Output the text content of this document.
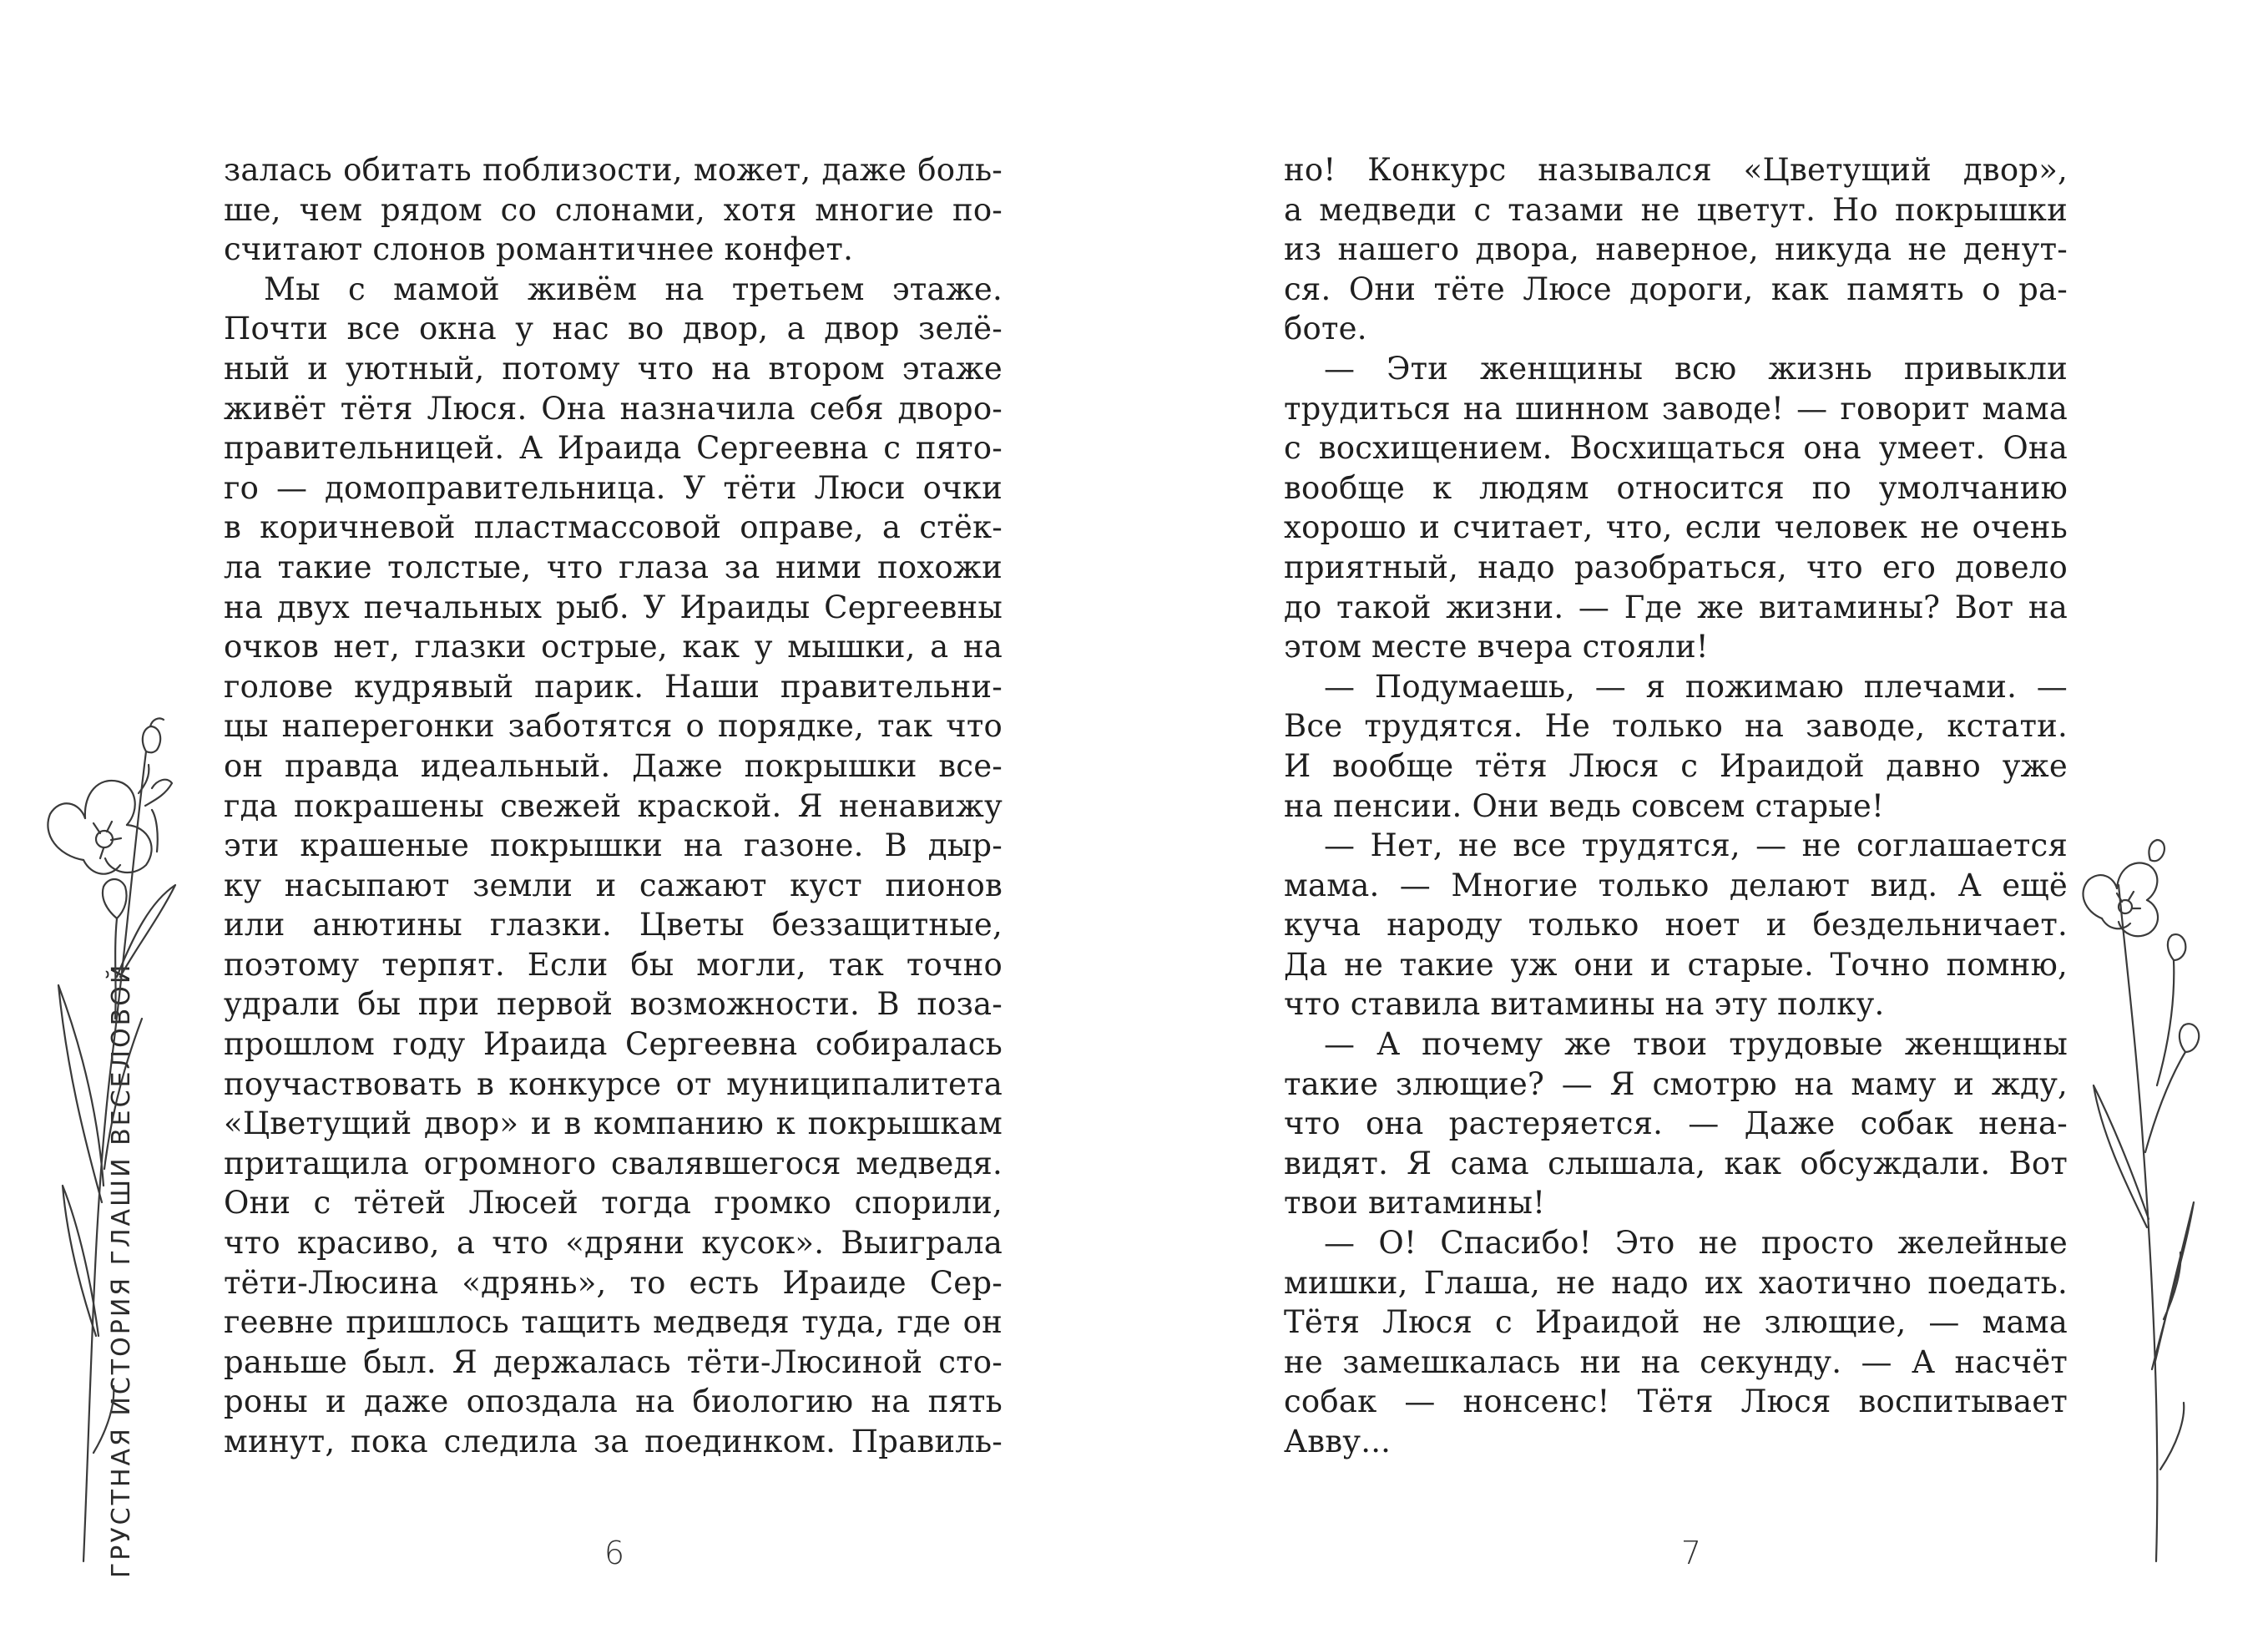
ГРУСТНАЯ ИСТОРИЯ ГЛАШИ ВЕСЕЛОВОЙ
залась обитать поблизости, может, даже боль-
ше, чем рядом со слонами, хотя многие по-
считают слонов романтичнее конфет.
Мы с мамой живём на третьем этаже.
Почти все окна у нас во двор, а двор зелё-
ный и уютный, потому что на втором этаже
живёт тётя Люся. Она назначила себя дворо-
правительницей. А Ираида Сергеевна с пято-
го — домоправительница. У тёти Люси очки
в коричневой пластмассовой оправе, а стёк-
ла такие толстые, что глаза за ними похожи
на двух печальных рыб. У Ираиды Сергеевны
очков нет, глазки острые, как у мышки, а на
голове кудрявый парик. Наши правительни-
цы наперегонки заботятся о порядке, так что
он правда идеальный. Даже покрышки все-
гда покрашены свежей краской. Я ненавижу
эти крашеные покрышки на газоне. В дыр-
ку насыпают земли и сажают куст пионов
или анютины глазки. Цветы беззащитные,
поэтому терпят. Если бы могли, так точно
удрали бы при первой возможности. В поза-
прошлом году Ираида Сергеевна собиралась
поучаствовать в конкурсе от муниципалитета
«Цветущий двор» и в компанию к покрышкам
притащила огромного свалявшегося медведя.
Они с тётей Люсей тогда громко спорили,
что красиво, а что «дряни кусок». Выиграла
тёти-Люсина «дрянь», то есть Ираиде Сер-
геевне пришлось тащить медведя туда, где он
раньше был. Я держалась тёти-Люсиной сто-
роны и даже опоздала на биологию на пять
минут, пока следила за поединком. Правиль-
6
но! Конкурс назывался «Цветущий двор»,
а медведи с тазами не цветут. Но покрышки
из нашего двора, наверное, никуда не денут-
ся. Они тёте Люсе дороги, как память о ра-
боте.
— Эти женщины всю жизнь привыкли
трудиться на шинном заводе! — говорит мама
с восхищением. Восхищаться она умеет. Она
вообще к людям относится по умолчанию
хорошо и считает, что, если человек не очень
приятный, надо разобраться, что его довело
до такой жизни. — Где же витамины? Вот на
этом месте вчера стояли!
— Подумаешь, — я пожимаю плечами. —
Все трудятся. Не только на заводе, кстати.
И вообще тётя Люся с Ираидой давно уже
на пенсии. Они ведь совсем старые!
— Нет, не все трудятся, — не соглашается
мама. — Многие только делают вид. А ещё
куча народу только ноет и бездельничает.
Да не такие уж они и старые. Точно помню,
что ставила витамины на эту полку.
— А почему же твои трудовые женщины
такие злющие? — Я смотрю на маму и жду,
что она растеряется. — Даже собак нена-
видят. Я сама слышала, как обсуждали. Вот
твои витамины!
— О! Спасибо! Это не просто желейные
мишки, Глаша, не надо их хаотично поедать.
Тётя Люся с Ираидой не злющие, — мама
не замешкалась ни на секунду. — А насчёт
собак — нонсенс! Тётя Люся воспитывает
Авву...
7
